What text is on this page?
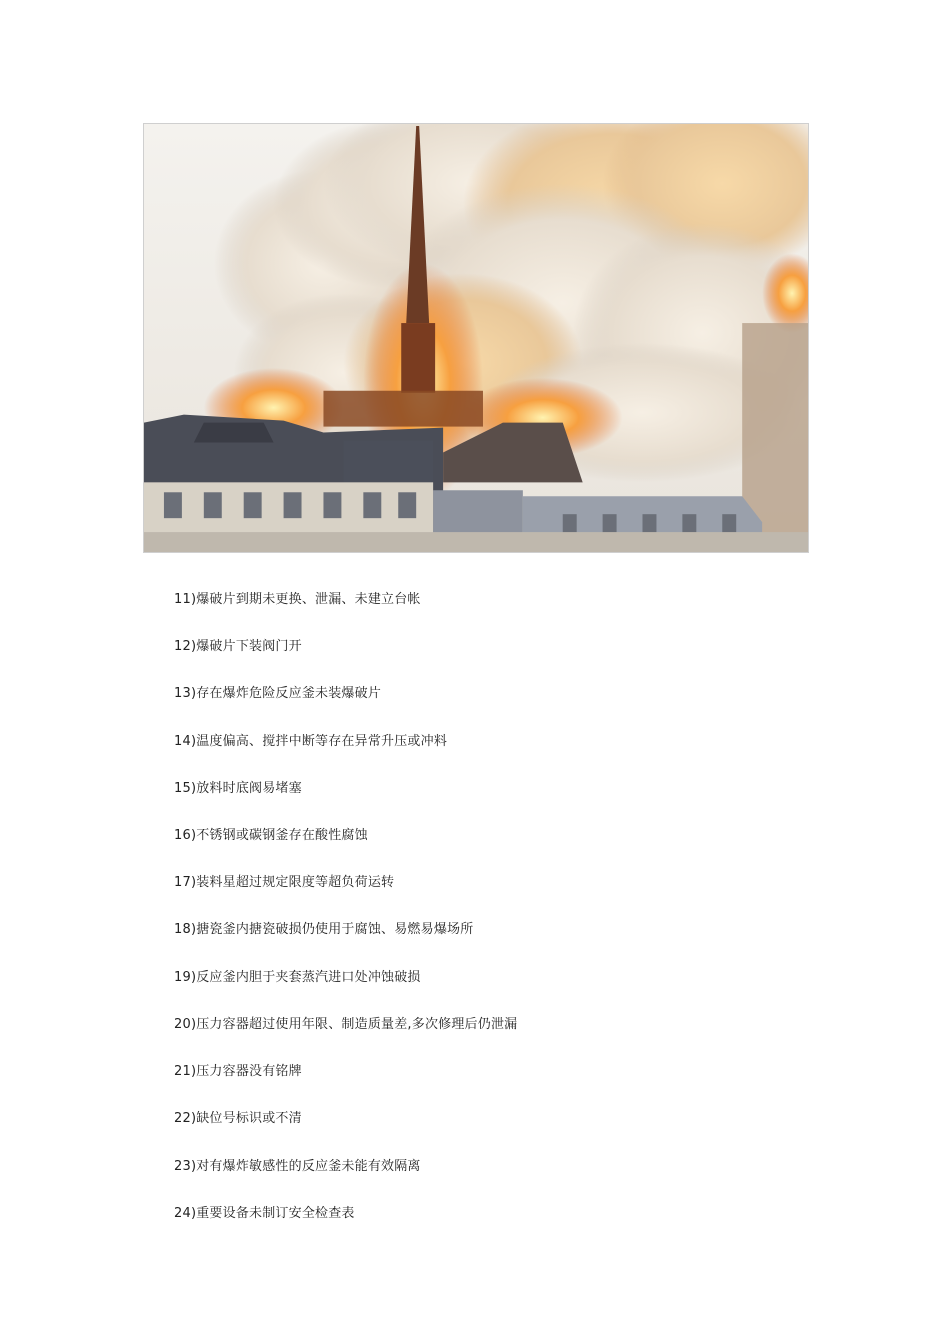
11)爆破片到期未更换、泄漏、未建立台帐
12)爆破片下装阀门开
13)存在爆炸危险反应釜未装爆破片
14)温度偏高、搅拌中断等存在异常升压或冲料
15)放料时底阀易堵塞
16)不锈钢或碳钢釜存在酸性腐蚀
17)装料星超过规定限度等超负荷运转
18)搪瓷釜内搪瓷破损仍使用于腐蚀、易燃易爆场所
19)反应釜内胆于夹套蒸汽进口处冲蚀破损
20)压力容器超过使用年限、制造质量差,多次修理后仍泄漏
21)压力容器没有铭牌
22)缺位号标识或不清
23)对有爆炸敏感性的反应釜未能有效隔离
24)重要设备未制订安全检查表
